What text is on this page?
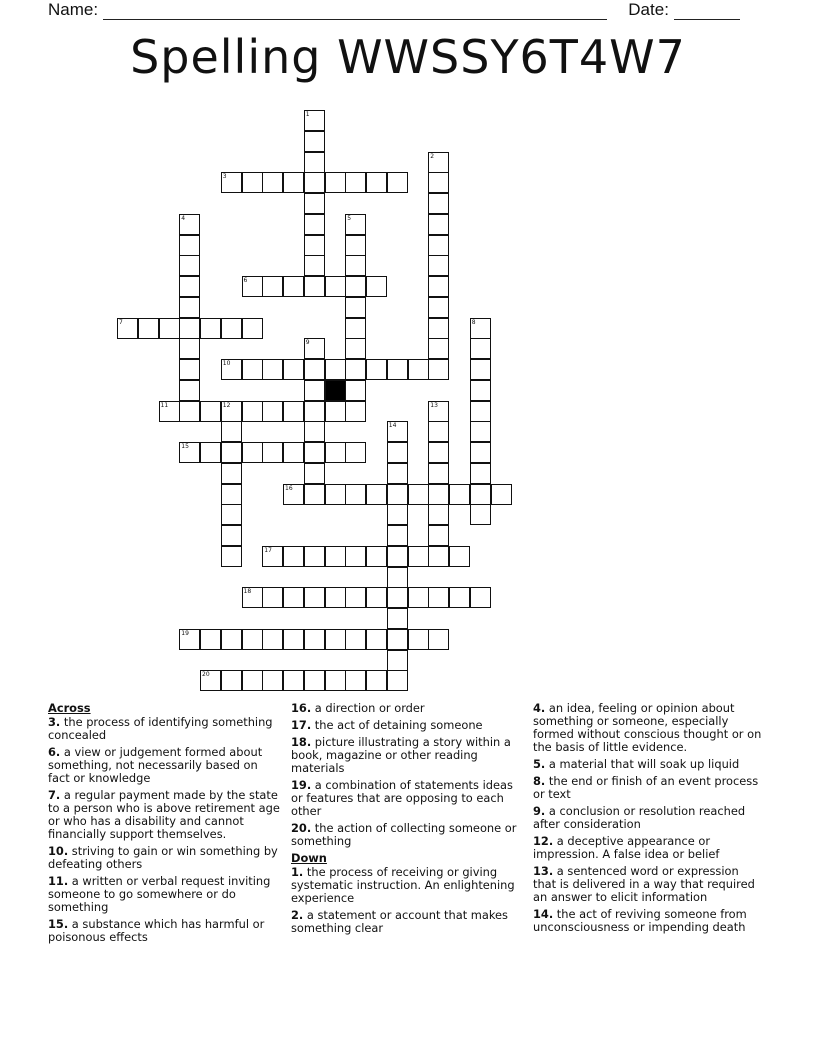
Name:	Date:
Spelling WWSSY6T4W7
1
2
3
4	5
6
7	8
9
10
11	12	13
14
15
16
17
18
19
20
Across
3. the process of identifying something concealed
6. a view or judgement formed about something, not necessarily based on fact or knowledge
7. a regular payment made by the state to a person who is above retirement age or who has a disability and cannot financially support themselves.
10. striving to gain or win something by defeating others
11. a written or verbal request inviting someone to go somewhere or do something
15. a substance which has harmful or poisonous effects
16. a direction or order
17. the act of detaining someone
18. picture illustrating a story within a book, magazine or other reading materials
19. a combination of statements ideas or features that are opposing to each other
20. the action of collecting someone or something
Down
1. the process of receiving or giving systematic instruction. An enlightening experience
2. a statement or account that makes something clear
4. an idea, feeling or opinion about something or someone, especially formed without conscious thought or on the basis of little evidence.
5. a material that will soak up liquid
8. the end or finish of an event process or text
9. a conclusion or resolution reached after consideration
12. a deceptive appearance or impression. A false idea or belief
13. a sentenced word or expression that is delivered in a way that required an answer to elicit information
14. the act of reviving someone from unconsciousness or impending death
